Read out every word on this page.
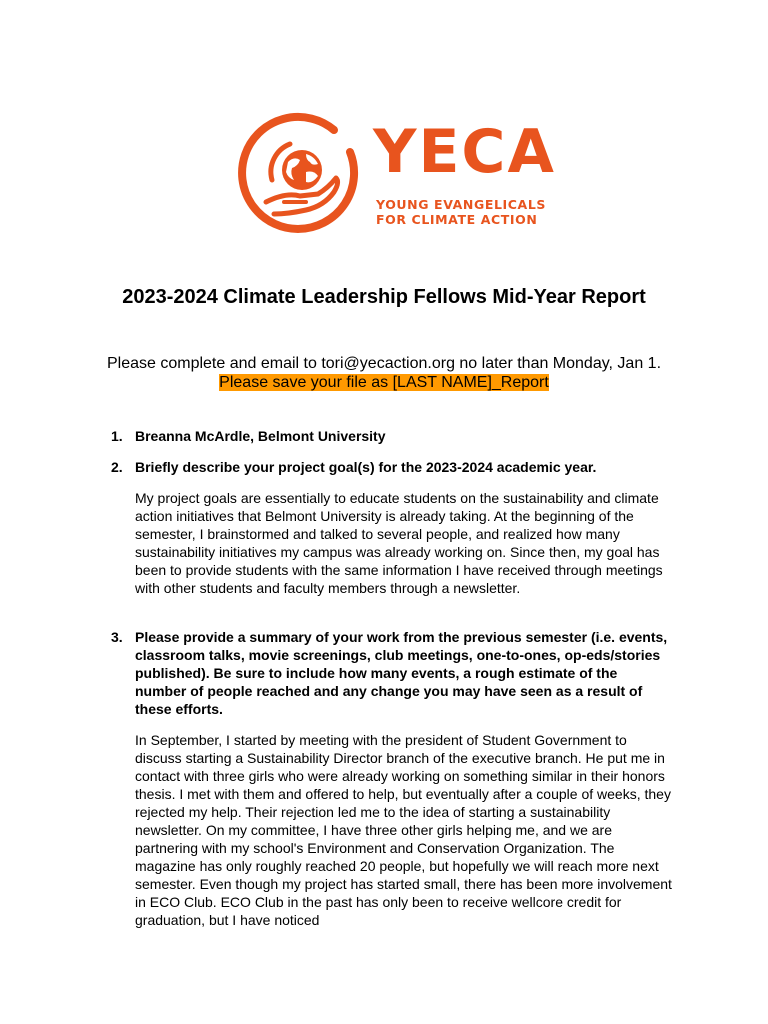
YECA
YOUNG EVANGELICALS
FOR CLIMATE ACTION
2023-2024 Climate Leadership Fellows Mid-Year Report
Please complete and email to tori@yecaction.org no later than Monday, Jan 1.
Please save your file as [LAST NAME]_Report
1. Breanna McArdle, Belmont University
2. Briefly describe your project goal(s) for the 2023-2024 academic year.
My project goals are essentially to educate students on the sustainability and climate action initiatives that Belmont University is already taking. At the beginning of the semester, I brainstormed and talked to several people, and realized how many sustainability initiatives my campus was already working on. Since then, my goal has been to provide students with the same information I have received through meetings with other students and faculty members through a newsletter.
3. Please provide a summary of your work from the previous semester (i.e. events, classroom talks, movie screenings, club meetings, one-to-ones, op-eds/stories published). Be sure to include how many events, a rough estimate of the number of people reached and any change you may have seen as a result of these efforts.
In September, I started by meeting with the president of Student Government to discuss starting a Sustainability Director branch of the executive branch. He put me in contact with three girls who were already working on something similar in their honors thesis. I met with them and offered to help, but eventually after a couple of weeks, they rejected my help. Their rejection led me to the idea of starting a sustainability newsletter. On my committee, I have three other girls helping me, and we are partnering with my school's Environment and Conservation Organization. The magazine has only roughly reached 20 people, but hopefully we will reach more next semester. Even though my project has started small, there has been more involvement in ECO Club. ECO Club in the past has only been to receive wellcore credit for graduation, but I have noticed
